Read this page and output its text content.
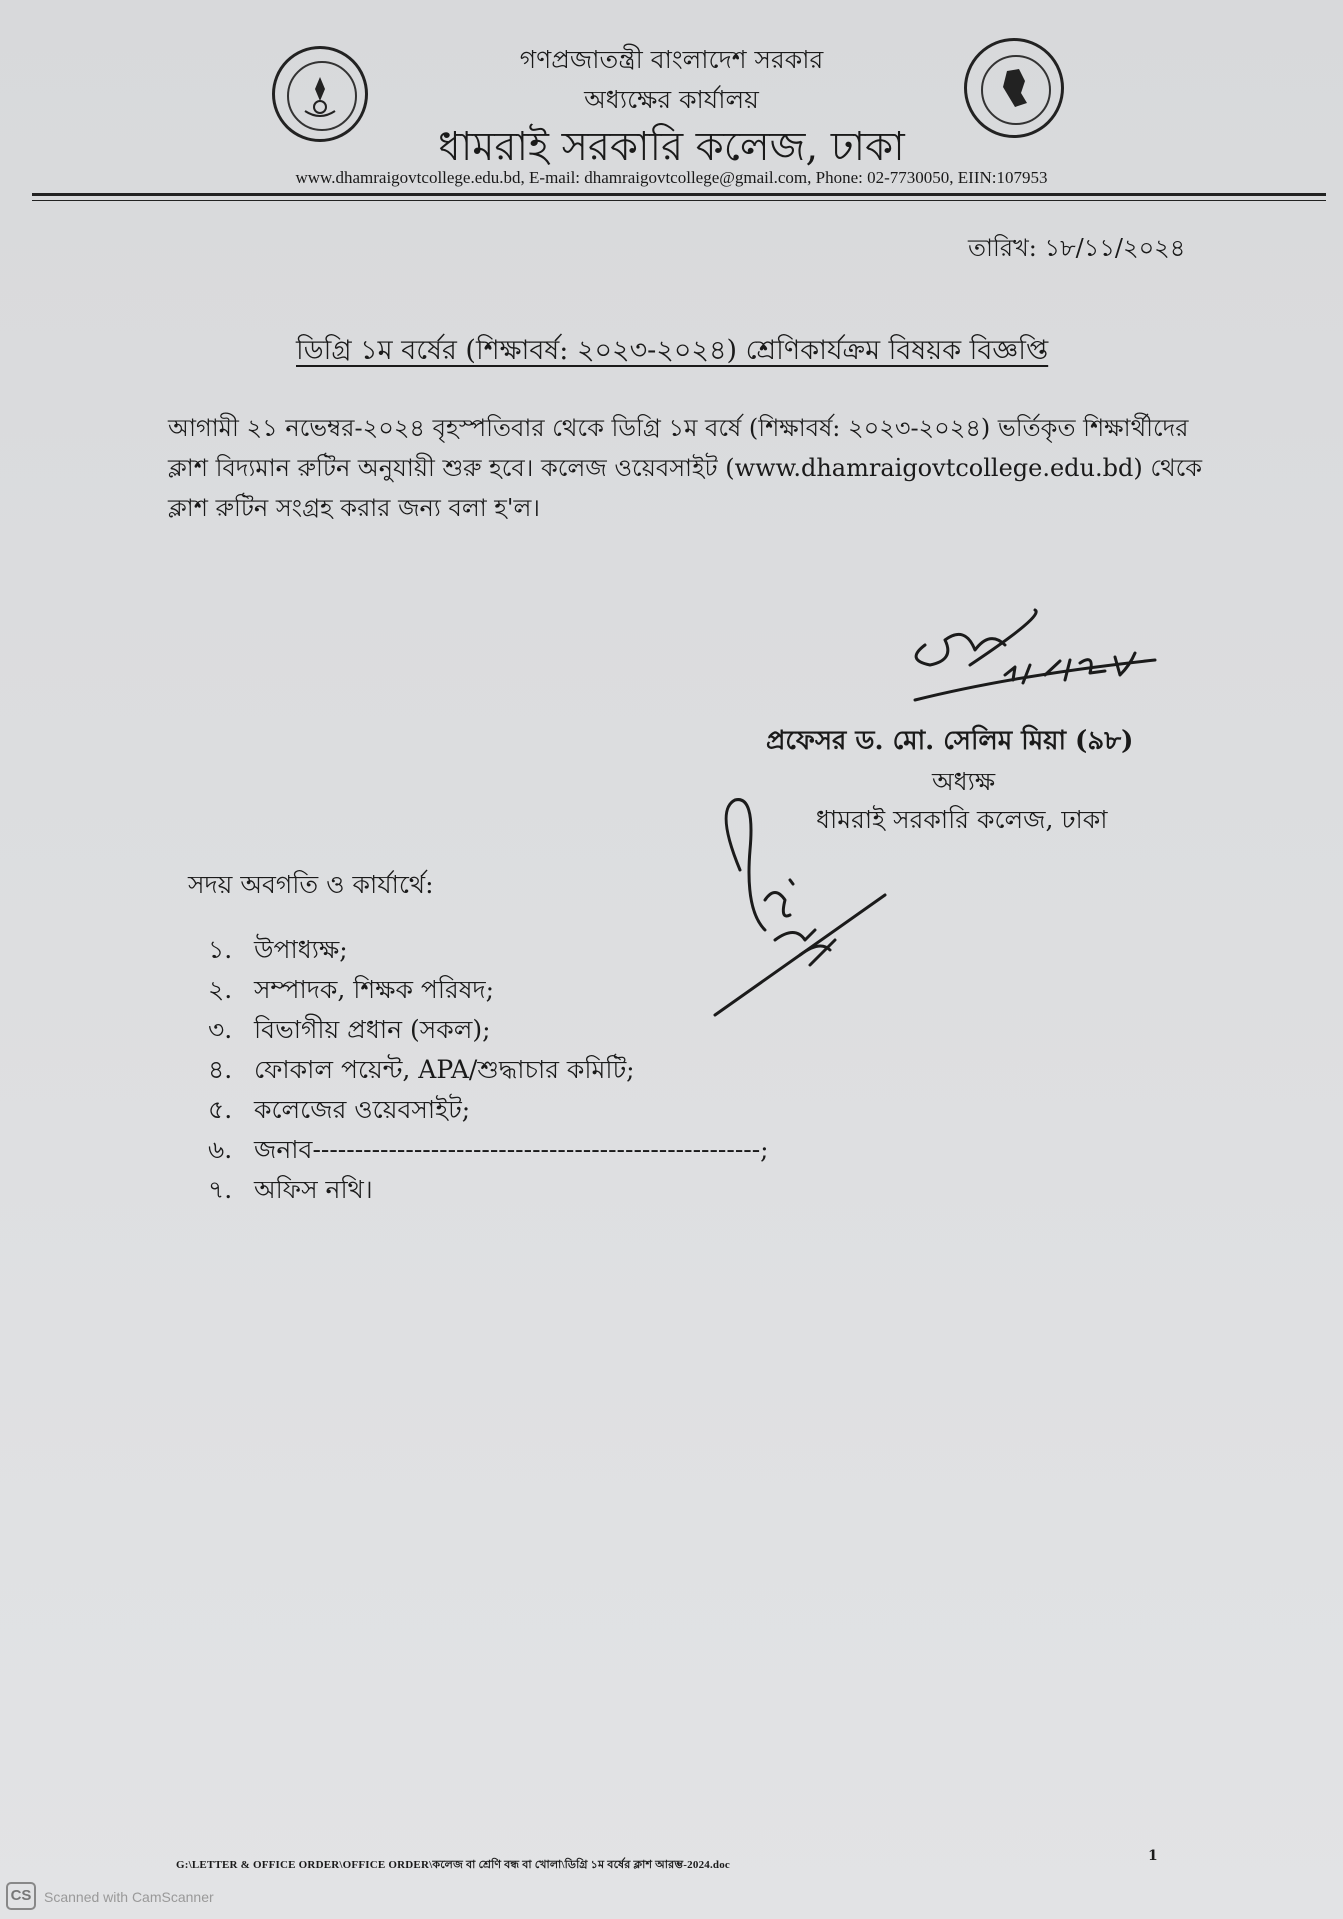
গণপ্রজাতন্ত্রী বাংলাদেশ সরকার
অধ্যক্ষের কার্যালয়
ধামরাই সরকারি কলেজ, ঢাকা
www.dhamraigovtcollege.edu.bd, E-mail: dhamraigovtcollege@gmail.com, Phone: 02-7730050, EIIN:107953
তারিখ: ১৮/১১/২০২৪
ডিগ্রি ১ম বর্ষের (শিক্ষাবর্ষ: ২০২৩-২০২৪) শ্রেণিকার্যক্রম বিষয়ক বিজ্ঞপ্তি
আগামী ২১ নভেম্বর-২০২৪ বৃহস্পতিবার থেকে ডিগ্রি ১ম বর্ষে (শিক্ষাবর্ষ: ২০২৩-২০২৪) ভর্তিকৃত শিক্ষার্থীদের
ক্লাশ বিদ্যমান রুটিন অনুযায়ী শুরু হবে। কলেজ ওয়েবসাইট (www.dhamraigovtcollege.edu.bd) থেকে
ক্লাশ রুটিন সংগ্রহ করার জন্য বলা হ'ল।
প্রফেসর ড. মো. সেলিম মিয়া (৯৮)
অধ্যক্ষ
ধামরাই সরকারি কলেজ, ঢাকা
সদয় অবগতি ও কার্যার্থে:
১. উপাধ্যক্ষ;
২. সম্পাদক, শিক্ষক পরিষদ;
৩. বিভাগীয় প্রধান (সকল);
৪. ফোকাল পয়েন্ট, APA/শুদ্ধাচার কমিটি;
৫. কলেজের ওয়েবসাইট;
৬. জনাব-----------------------------------------------------;
৭. অফিস নথি।
G:\LETTER & OFFICE ORDER\OFFICE ORDER\কলেজ বা শ্রেণি বন্ধ বা খোলা\ডিগ্রি ১ম বর্ষের ক্লাশ আরম্ভ-2024.doc
1
CS Scanned with CamScanner
